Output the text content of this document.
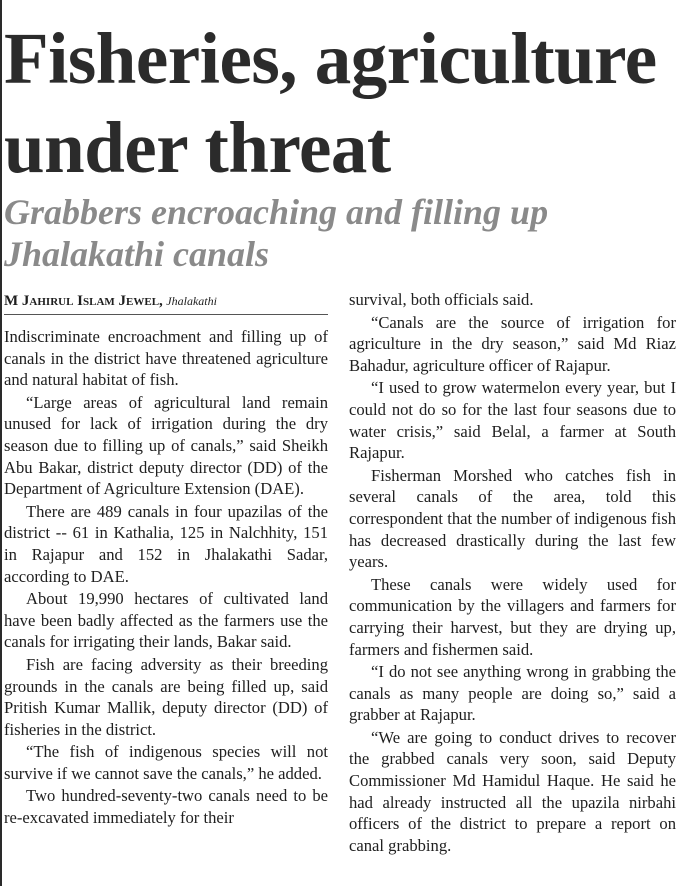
Fisheries, agriculture under threat
Grabbers encroaching and filling up Jhalakathi canals
M Jahirul Islam Jewel, Jhalakathi

Indiscriminate encroachment and filling up of canals in the district have threatened agriculture and natural habitat of fish.

“Large areas of agricultural land remain unused for lack of irrigation during the dry season due to filling up of canals,” said Sheikh Abu Bakar, district deputy director (DD) of the Department of Agriculture Extension (DAE).

There are 489 canals in four upazilas of the district -- 61 in Kathalia, 125 in Nalchhity, 151 in Rajapur and 152 in Jhalakathi Sadar, according to DAE.

About 19,990 hectares of cultivated land have been badly affected as the farmers use the canals for irrigating their lands, Bakar said.

Fish are facing adversity as their breeding grounds in the canals are being filled up, said Pritish Kumar Mallik, deputy director (DD) of fisheries in the district.

“The fish of indigenous species will not survive if we cannot save the canals,” he added.

Two hundred-seventy-two canals need to be re-excavated immediately for their

survival, both officials said.

“Canals are the source of irrigation for agriculture in the dry season,” said Md Riaz Bahadur, agriculture officer of Rajapur.

“I used to grow watermelon every year, but I could not do so for the last four seasons due to water crisis,” said Belal, a farmer at South Rajapur.

Fisherman Morshed who catches fish in several canals of the area, told this correspondent that the number of indigenous fish has decreased drastically during the last few years.

These canals were widely used for communication by the villagers and farmers for carrying their harvest, but they are drying up, farmers and fishermen said.

“I do not see anything wrong in grabbing the canals as many people are doing so,” said a grabber at Rajapur.

“We are going to conduct drives to recover the grabbed canals very soon, said Deputy Commissioner Md Hamidul Haque. He said he had already instructed all the upazila nirbahi officers of the district to prepare a report on canal grabbing.
